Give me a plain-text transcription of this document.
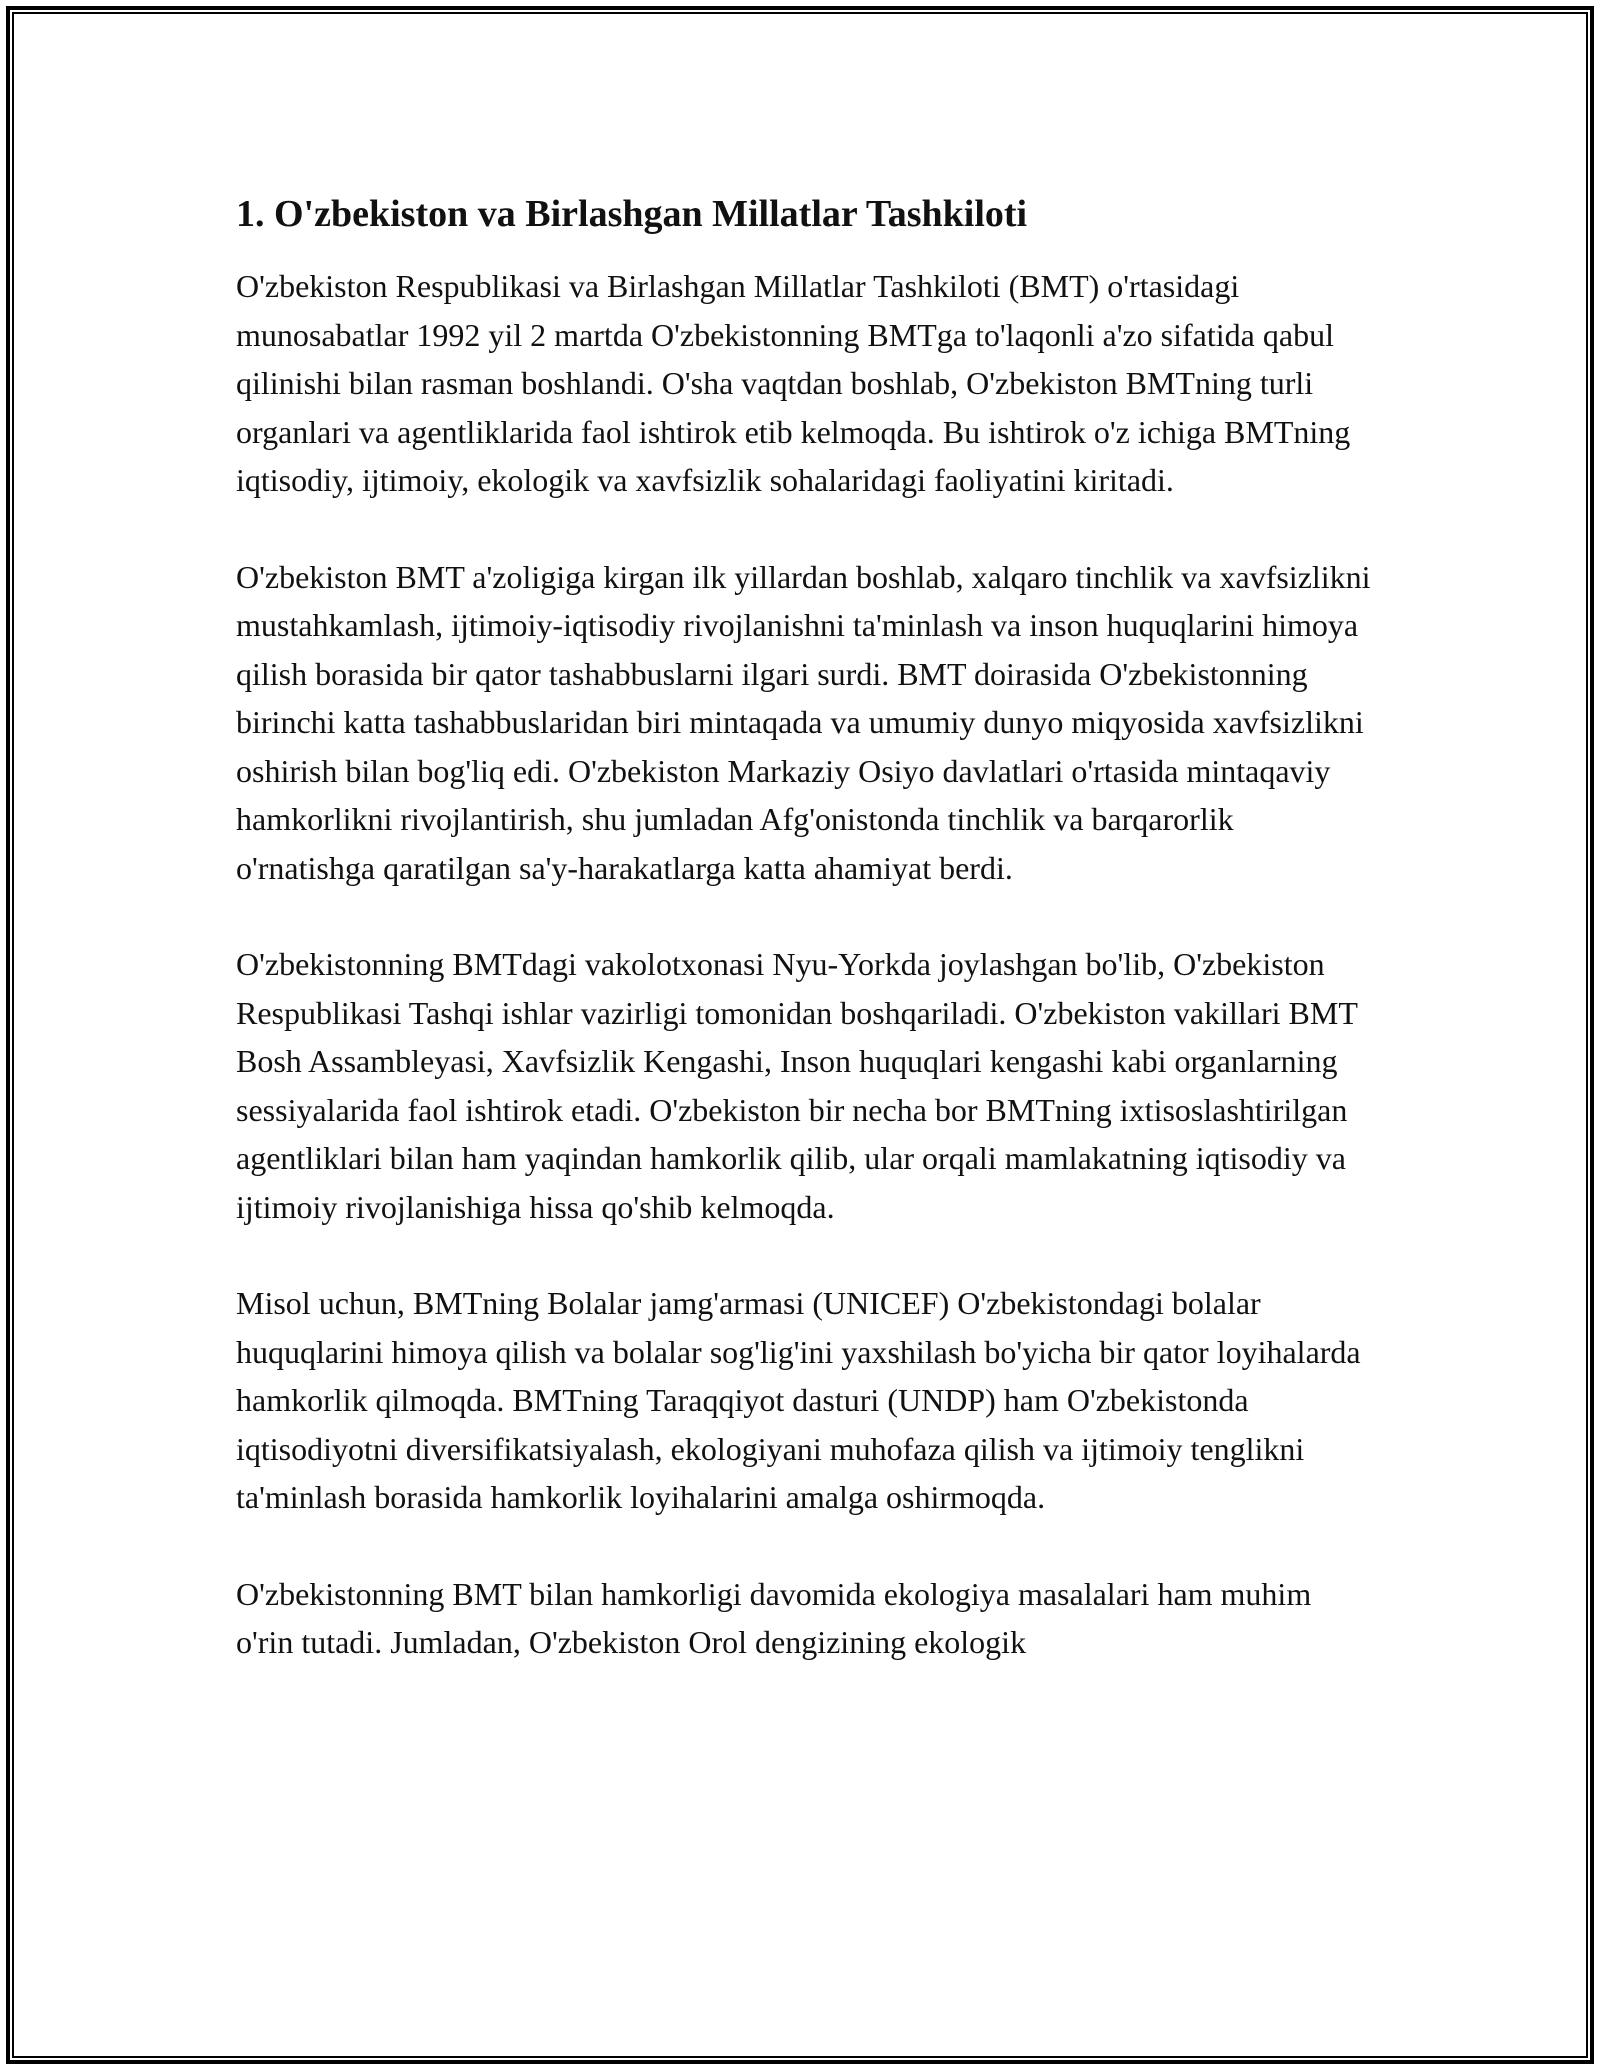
1. O'zbekiston va Birlashgan Millatlar Tashkiloti

O'zbekiston Respublikasi va Birlashgan Millatlar Tashkiloti (BMT) o'rtasidagi munosabatlar 1992 yil 2 martda O'zbekistonning BMTga to'laqonli a'zo sifatida qabul qilinishi bilan rasman boshlandi. O'sha vaqtdan boshlab, O'zbekiston BMTning turli organlari va agentliklarida faol ishtirok etib kelmoqda. Bu ishtirok o'z ichiga BMTning iqtisodiy, ijtimoiy, ekologik va xavfsizlik sohalaridagi faoliyatini kiritadi.

O'zbekiston BMT a'zoligiga kirgan ilk yillardan boshlab, xalqaro tinchlik va xavfsizlikni mustahkamlash, ijtimoiy-iqtisodiy rivojlanishni ta'minlash va inson huquqlarini himoya qilish borasida bir qator tashabbuslarni ilgari surdi. BMT doirasida O'zbekistonning birinchi katta tashabbuslaridan biri mintaqada va umumiy dunyo miqyosida xavfsizlikni oshirish bilan bog'liq edi. O'zbekiston Markaziy Osiyo davlatlari o'rtasida mintaqaviy hamkorlikni rivojlantirish, shu jumladan Afg'onistonda tinchlik va barqarorlik o'rnatishga qaratilgan sa'y-harakatlarga katta ahamiyat berdi.

O'zbekistonning BMTdagi vakolotxonasi Nyu-Yorkda joylashgan bo'lib, O'zbekiston Respublikasi Tashqi ishlar vazirligi tomonidan boshqariladi. O'zbekiston vakillari BMT Bosh Assambleyasi, Xavfsizlik Kengashi, Inson huquqlari kengashi kabi organlarning sessiyalarida faol ishtirok etadi. O'zbekiston bir necha bor BMTning ixtisoslashtirilgan agentliklari bilan ham yaqindan hamkorlik qilib, ular orqali mamlakatning iqtisodiy va ijtimoiy rivojlanishiga hissa qo'shib kelmoqda.

Misol uchun, BMTning Bolalar jamg'armasi (UNICEF) O'zbekistondagi bolalar huquqlarini himoya qilish va bolalar sog'lig'ini yaxshilash bo'yicha bir qator loyihalarda hamkorlik qilmoqda. BMTning Taraqqiyot dasturi (UNDP) ham O'zbekistonda iqtisodiyotni diversifikatsiyalash, ekologiyani muhofaza qilish va ijtimoiy tenglikni ta'minlash borasida hamkorlik loyihalarini amalga oshirmoqda.

O'zbekistonning BMT bilan hamkorligi davomida ekologiya masalalari ham muhim o'rin tutadi. Jumladan, O'zbekiston Orol dengizining ekologik
